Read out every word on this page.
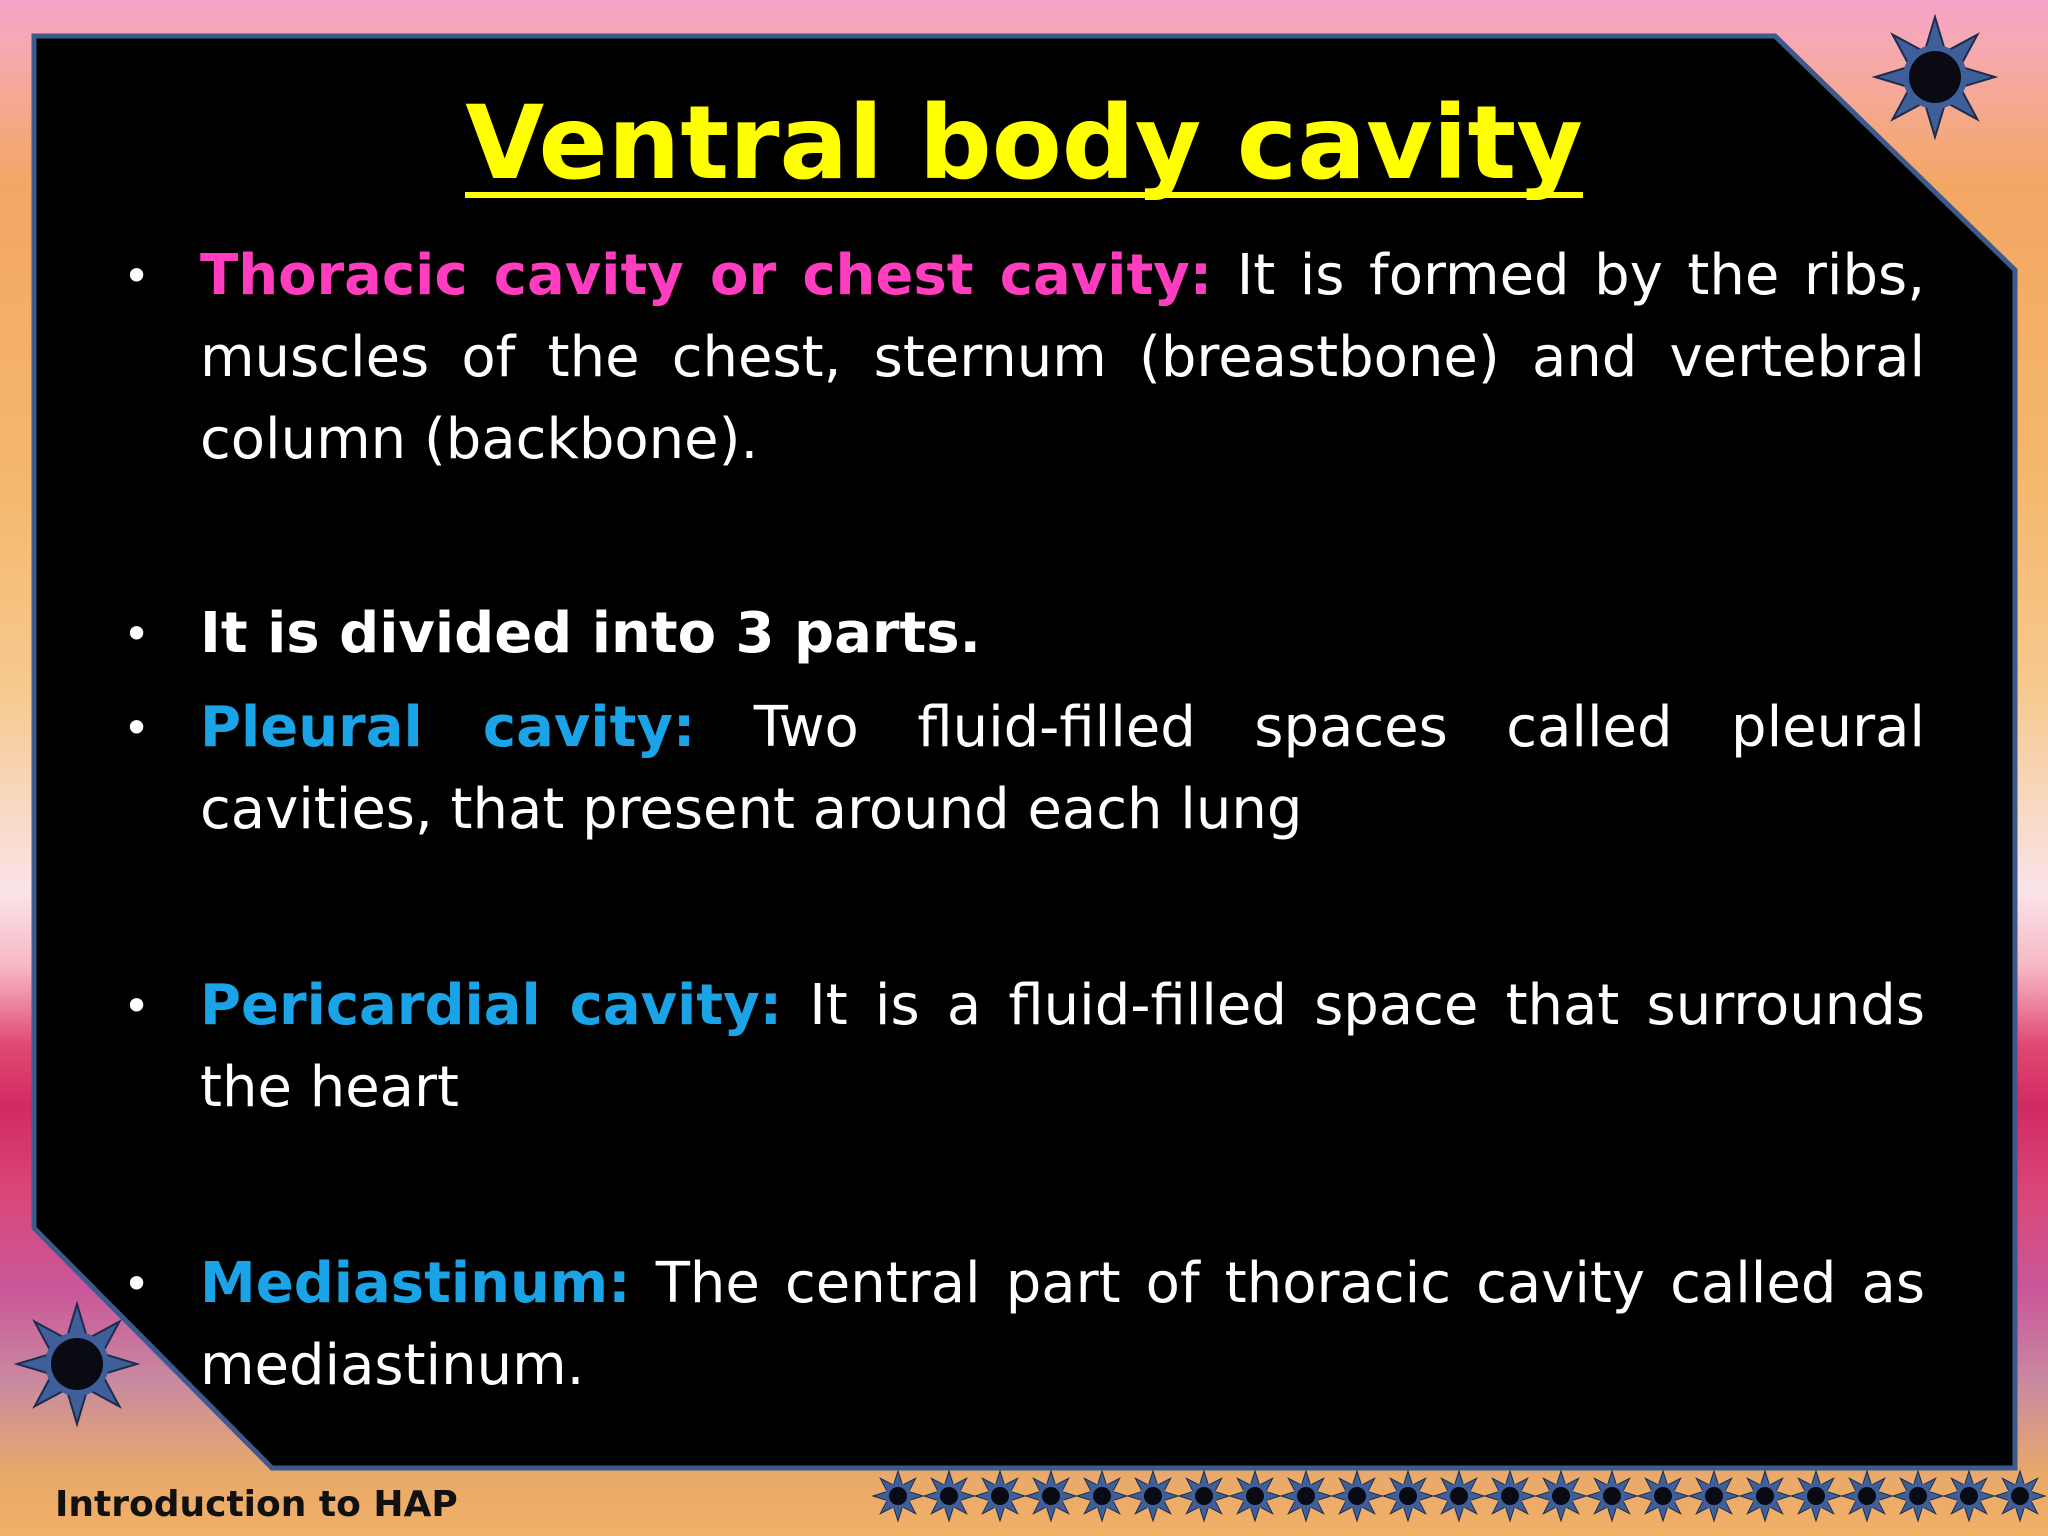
Ventral body cavity
• Thoracic cavity or chest cavity: It is formed by the ribs, muscles of the chest, sternum (breastbone) and vertebral column (backbone).
• It is divided into 3 parts.
• Pleural cavity: Two fluid-filled spaces called pleural cavities, that present around each lung
• Pericardial cavity: It is a fluid-filled space that surrounds the heart
• Mediastinum: The central part of thoracic cavity called as mediastinum.
Introduction to HAP
